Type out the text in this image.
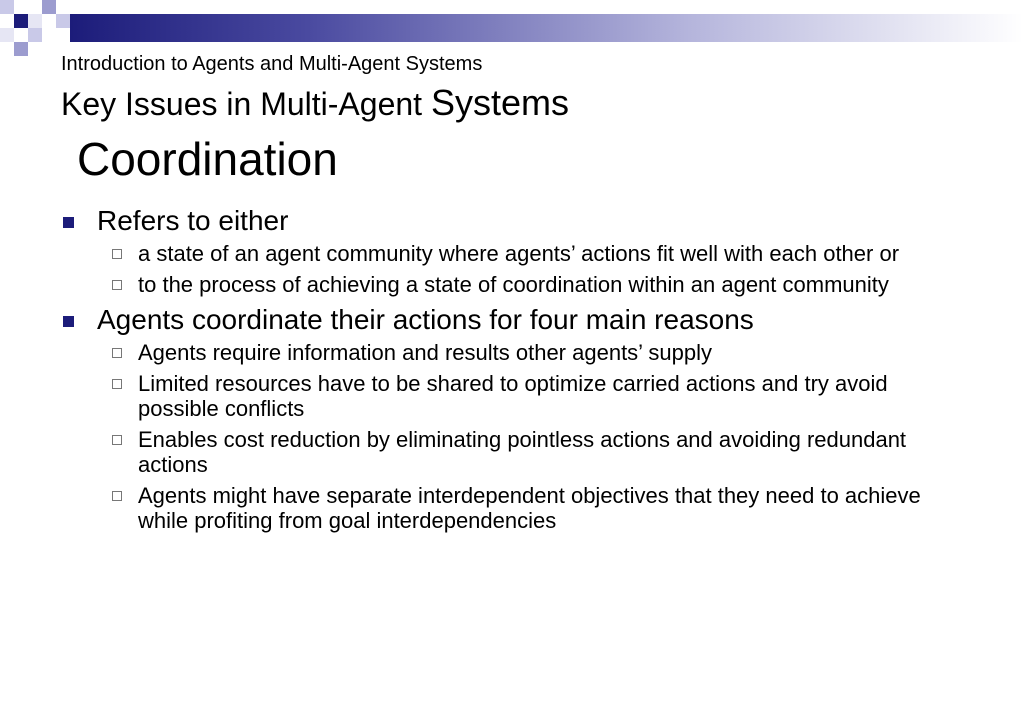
Introduction to Agents and Multi-Agent Systems
Key Issues in Multi-Agent Systems
Coordination

Refers to either

a state of an agent community where agents’ actions fit well with each other or

to the process of achieving a state of coordination within an agent community

Agents coordinate their actions for four main reasons

Agents require information and results other agents’ supply

Limited resources have to be shared to optimize carried actions and try avoid possible conflicts

Enables cost reduction by eliminating pointless actions and avoiding redundant actions

Agents might have separate interdependent objectives that they need to achieve while profiting from goal interdependencies
